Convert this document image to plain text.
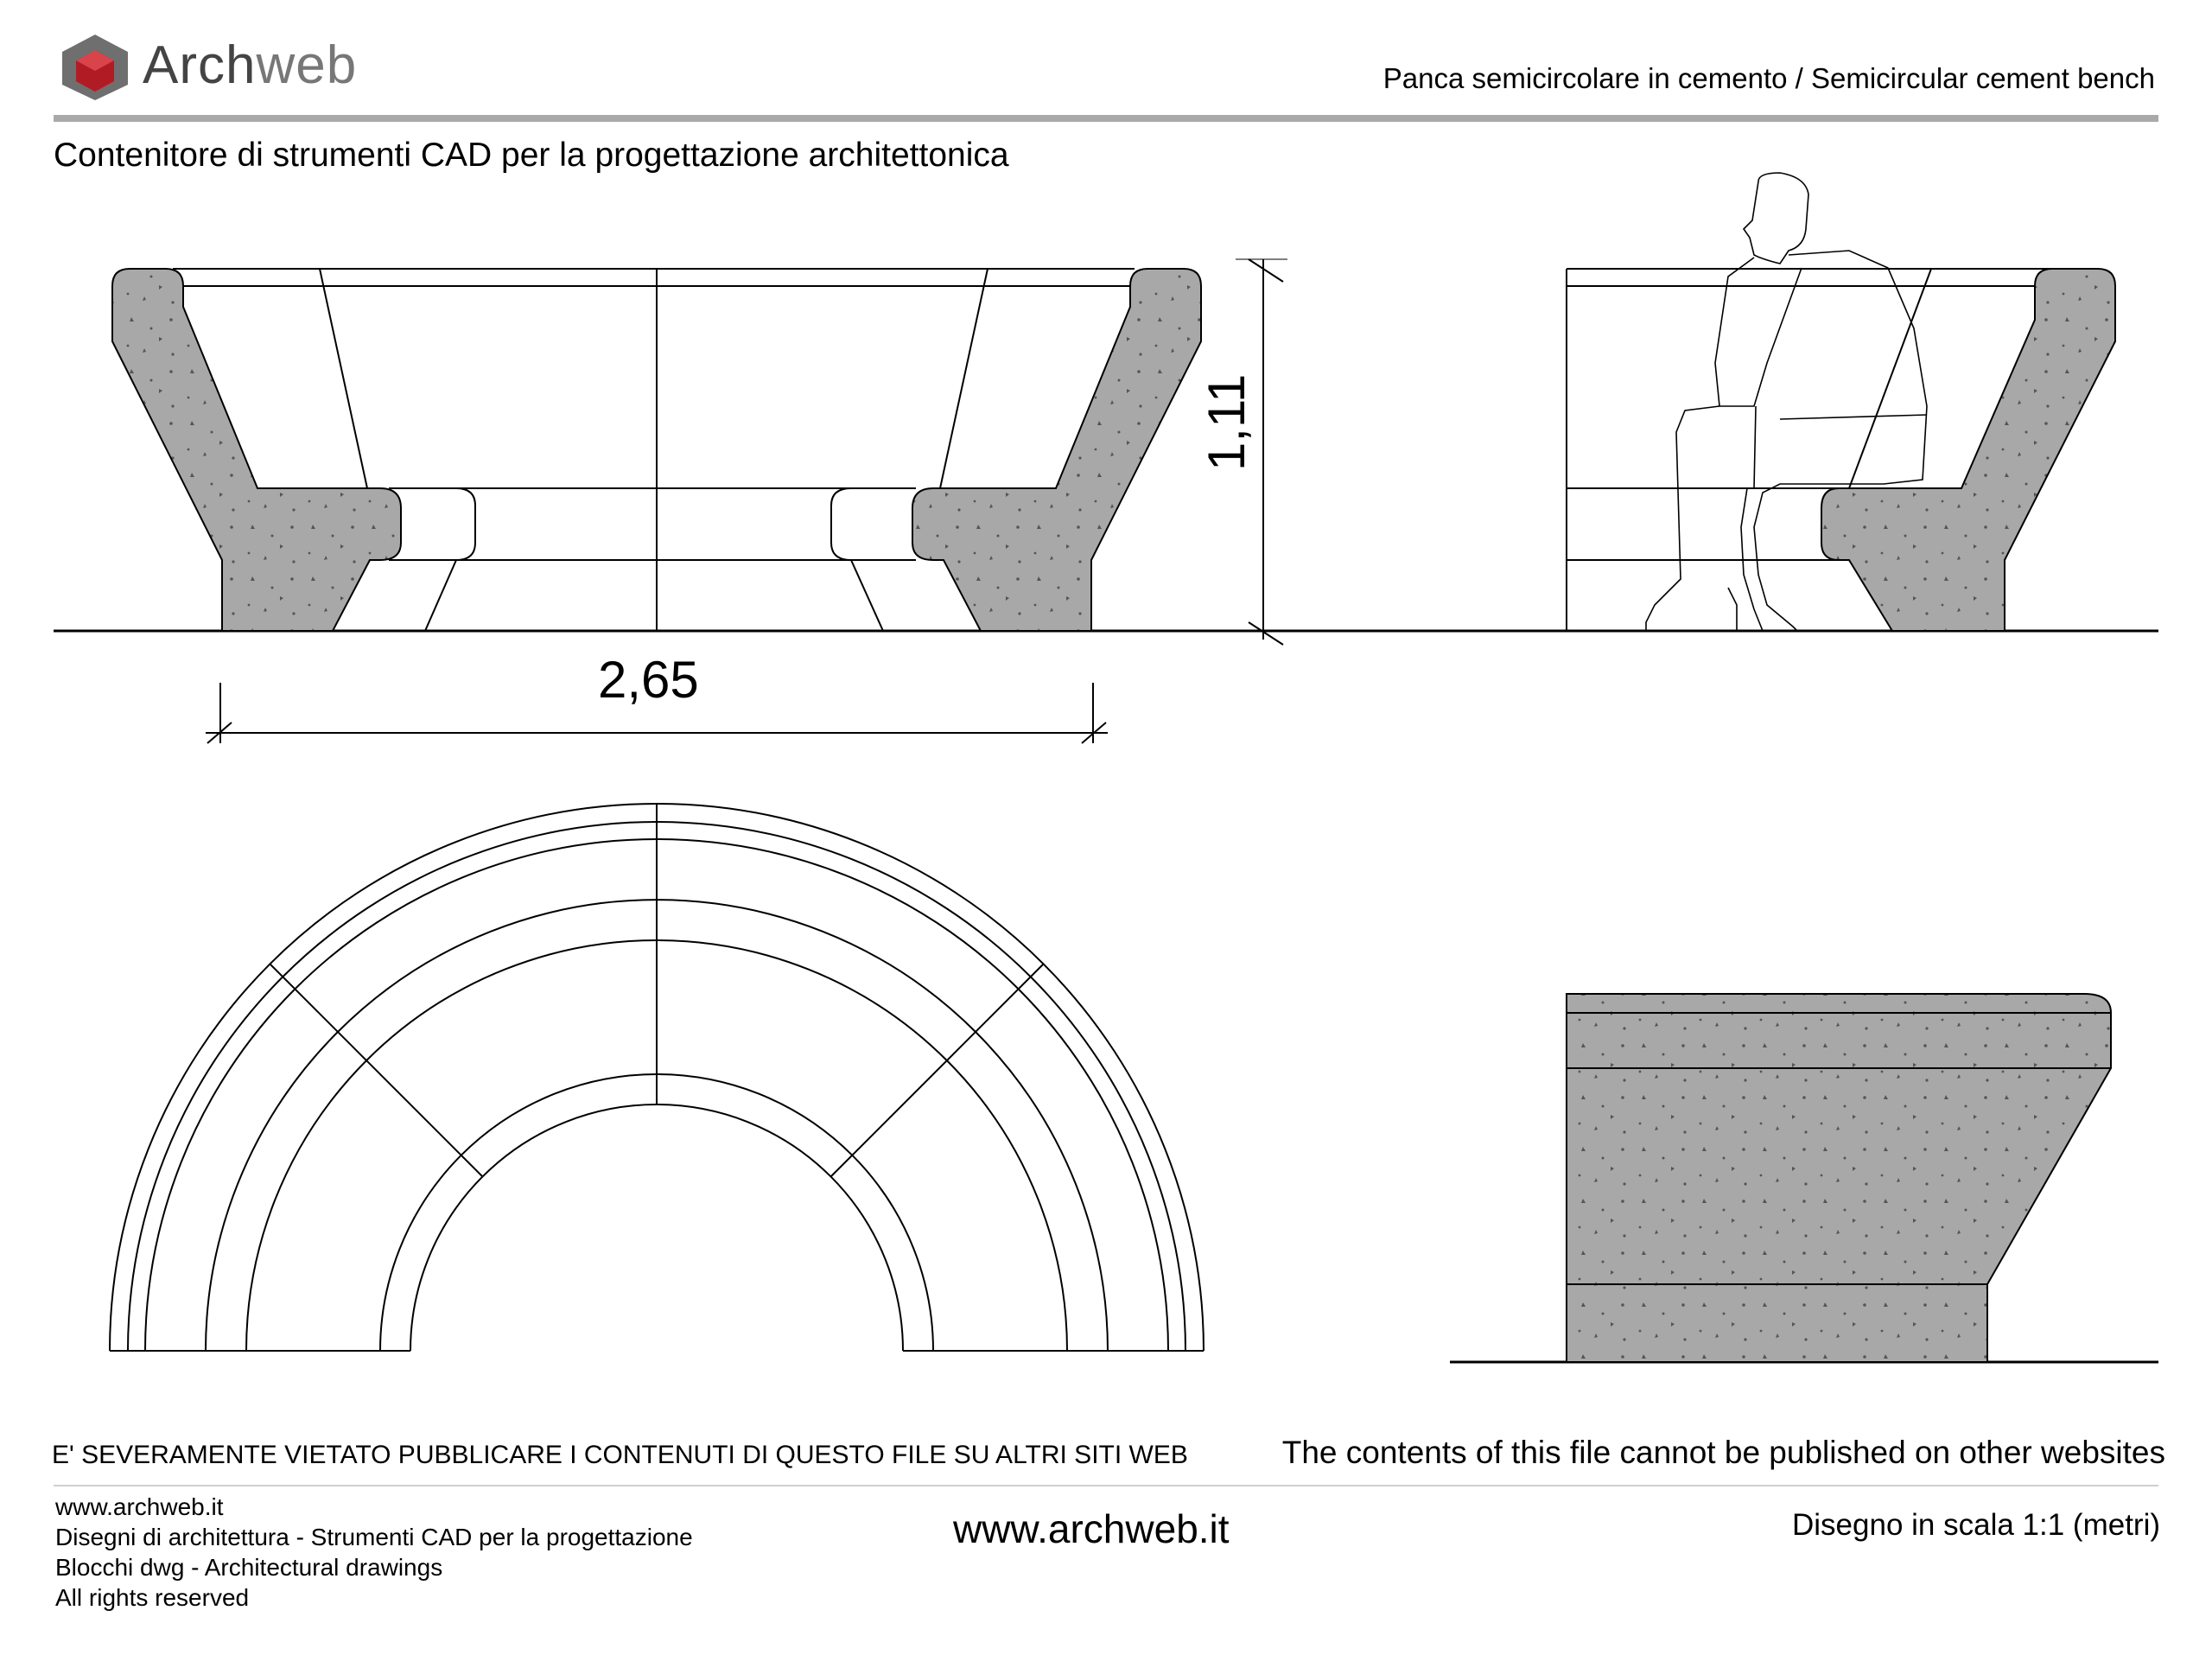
Archweb	Panca semicircolare in cemento / Semicircular cement bench
Contenitore di strumenti CAD per la progettazione architettonica
2,65
1,11
E' SEVERAMENTE VIETATO PUBBLICARE I CONTENUTI DI QUESTO FILE SU ALTRI SITI WEB	The contents of this file cannot be published on other websites
www.archweb.it
Disegni di architettura - Strumenti CAD per la progettazione
Blocchi dwg - Architectural drawings
All rights reserved
www.archweb.it	Disegno in scala 1:1 (metri)
